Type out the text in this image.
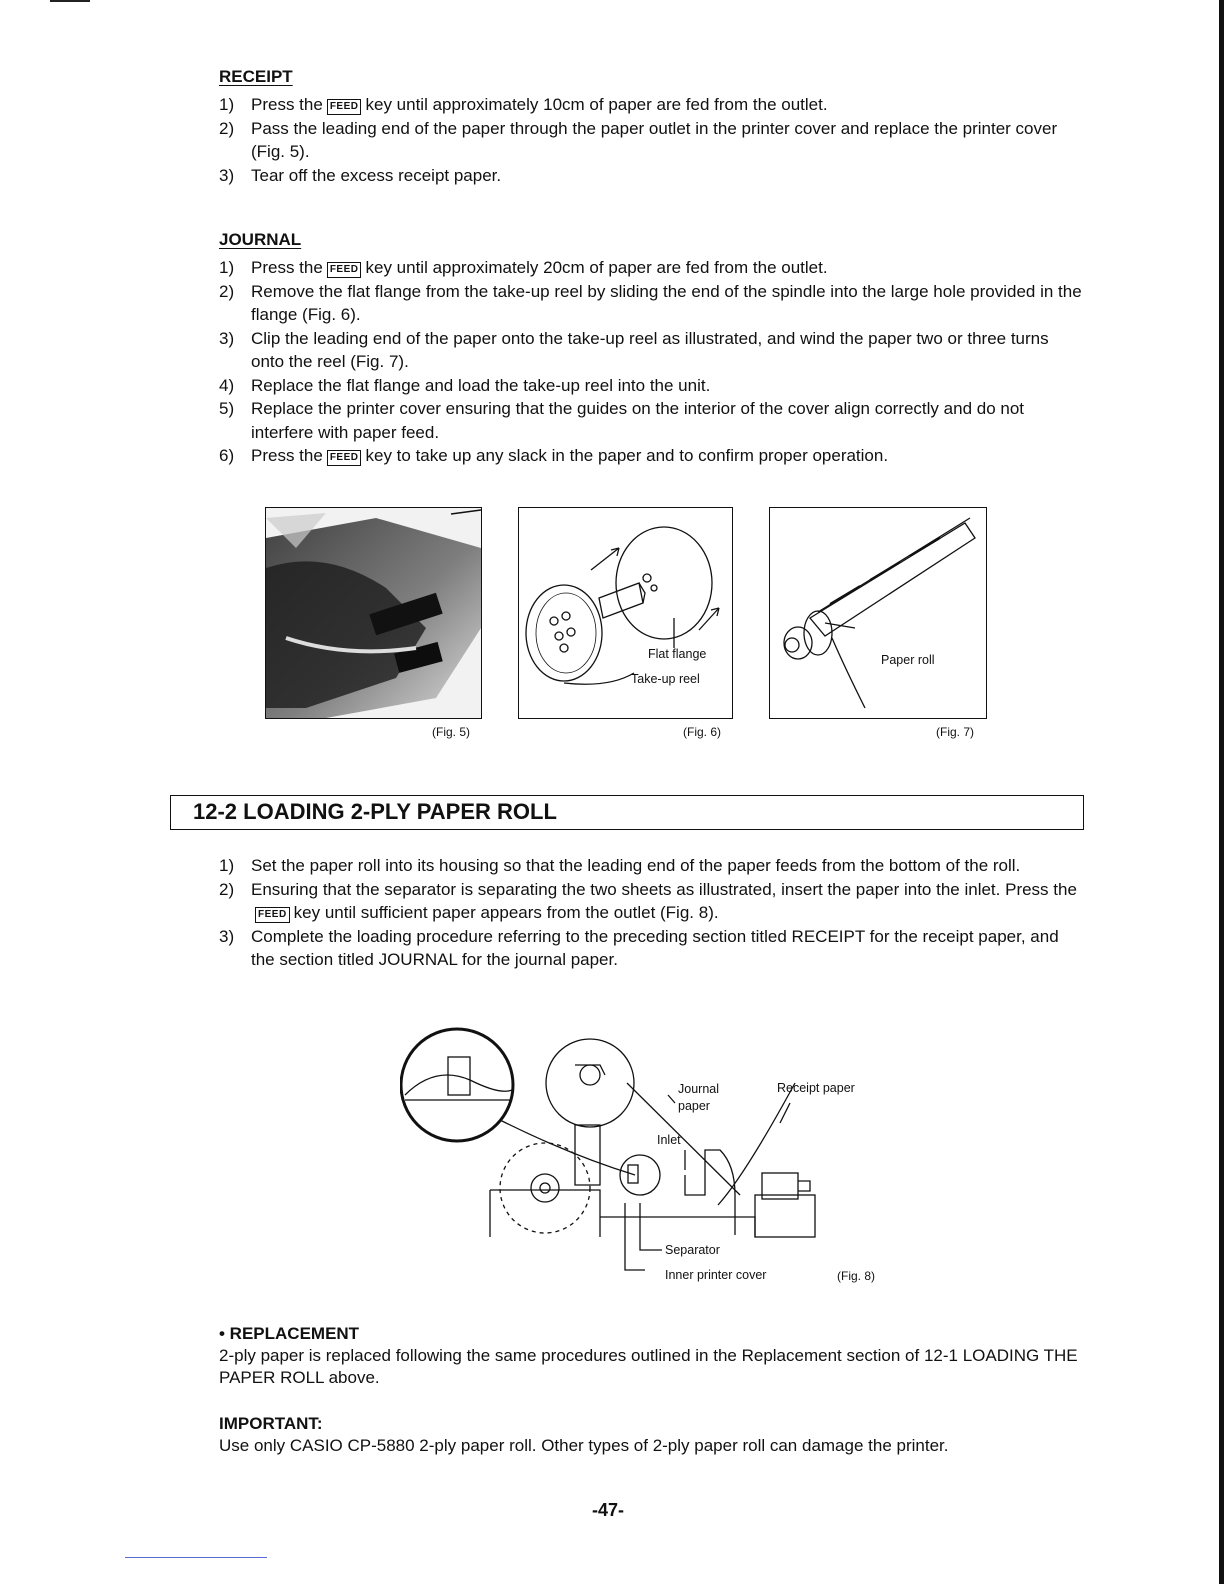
RECEIPT
1) Press the FEED key until approximately 10cm of paper are fed from the outlet.
2) Pass the leading end of the paper through the paper outlet in the printer cover and replace the printer cover (Fig. 5).
3) Tear off the excess receipt paper.
JOURNAL
1) Press the FEED key until approximately 20cm of paper are fed from the outlet.
2) Remove the flat flange from the take-up reel by sliding the end of the spindle into the large hole provided in the flange (Fig. 6).
3) Clip the leading end of the paper onto the take-up reel as illustrated, and wind the paper two or three turns onto the reel (Fig. 7).
4) Replace the flat flange and load the take-up reel into the unit.
5) Replace the printer cover ensuring that the guides on the interior of the cover align correctly and do not interfere with paper feed.
6) Press the FEED key to take up any slack in the paper and to confirm proper operation.
(Fig. 5)
Flat flange
Take-up reel
(Fig. 6)
Paper roll
(Fig. 7)
12-2 LOADING 2-PLY PAPER ROLL
1) Set the paper roll into its housing so that the leading end of the paper feeds from the bottom of the roll.
2) Ensuring that the separator is separating the two sheets as illustrated, insert the paper into the inlet. Press theFEED key until sufficient paper appears from the outlet (Fig. 8).
3) Complete the loading procedure referring to the preceding section titled RECEIPT for the receipt paper, and the section titled JOURNAL for the journal paper.
Journal
paper
Receipt paper
Inlet
Separator
Inner printer cover	(Fig. 8)
• REPLACEMENT

2-ply paper is replaced following the same procedures outlined in the Replacement section of 12-1 LOADING THE PAPER ROLL above.

IMPORTANT:

Use only CASIO CP-5880 2-ply paper roll. Other types of 2-ply paper roll can damage the printer.

-47-
